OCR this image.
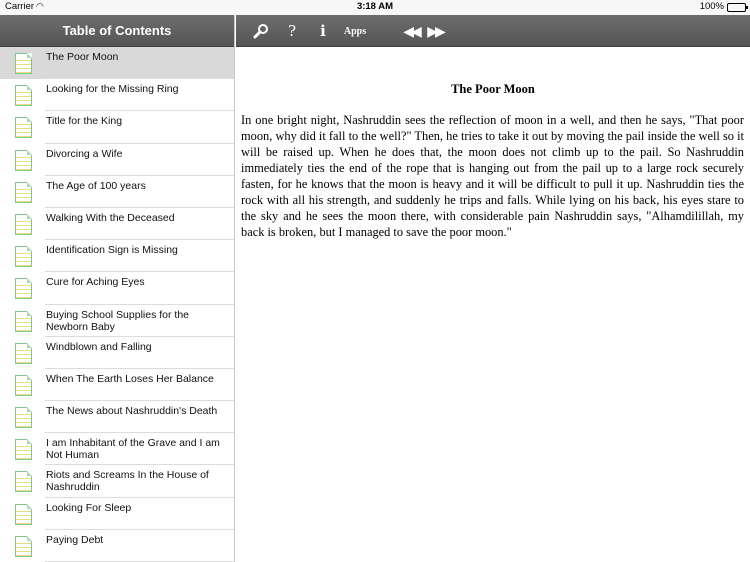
Carrier ◠	3:18 AM	100%
Table of Contents
The Poor Moon
Looking for the Missing Ring
Title for the King
Divorcing a Wife
The Age of 100 years
Walking With the Deceased
Identification Sign is Missing
Cure for Aching Eyes
Buying School Supplies for the Newborn Baby
Windblown and Falling
When The Earth Loses Her Balance
The News about Nashruddin's Death
I am Inhabitant of the Grave and I am Not Human
Riots and Screams In the House of Nashruddin
Looking For Sleep
Paying Debt
? i	Apps	◀◀ ▶▶
The Poor Moon

In one bright night, Nashruddin sees the reflection of moon in a well, and then he says, "That poor moon, why did it fall to the well?" Then, he tries to take it out by moving the pail inside the well so it will be raised up. When he does that, the moon does not climb up to the pail. So Nashruddin immediately ties the end of the rope that is hanging out from the pail up to a large rock securely fasten, for he knows that the moon is heavy and it will be difficult to pull it up. Nashruddin ties the rock with all his strength, and suddenly he trips and falls. While lying on his back, his eyes stare to the sky and he sees the moon there, with considerable pain Nashruddin says, "Alhamdilillah, my back is broken, but I managed to save the poor moon."
